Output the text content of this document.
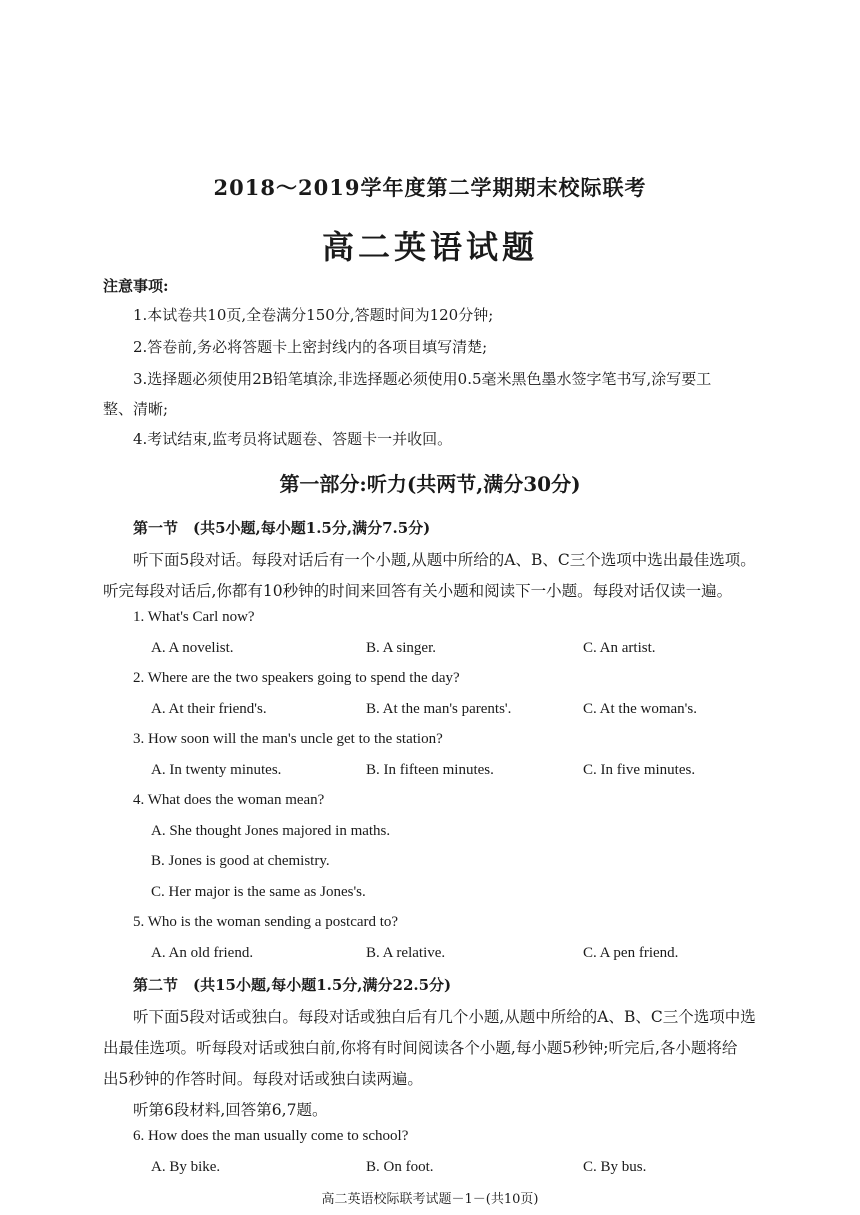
2018～2019学年度第二学期期末校际联考
高二英语试题
注意事项:
1.本试卷共10页,全卷满分150分,答题时间为120分钟;
2.答卷前,务必将答题卡上密封线内的各项目填写清楚;
3.选择题必须使用2B铅笔填涂,非选择题必须使用0.5毫米黑色墨水签字笔书写,涂写要工
整、清晰;
4.考试结束,监考员将试题卷、答题卡一并收回。
第一部分:听力(共两节,满分30分)
第一节　(共5小题,每小题1.5分,满分7.5分)
听下面5段对话。每段对话后有一个小题,从题中所给的A、B、C三个选项中选出最佳选项。
听完每段对话后,你都有10秒钟的时间来回答有关小题和阅读下一小题。每段对话仅读一遍。
1. What's Carl now?
A. A novelist.	B. A singer.	C. An artist.
2. Where are the two speakers going to spend the day?
A. At their friend's.	B. At the man's parents'.	C. At the woman's.
3. How soon will the man's uncle get to the station?
A. In twenty minutes.	B. In fifteen minutes.	C. In five minutes.
4. What does the woman mean?
A. She thought Jones majored in maths.
B. Jones is good at chemistry.
C. Her major is the same as Jones's.
5. Who is the woman sending a postcard to?
A. An old friend.	B. A relative.	C. A pen friend.
第二节　(共15小题,每小题1.5分,满分22.5分)
听下面5段对话或独白。每段对话或独白后有几个小题,从题中所给的A、B、C三个选项中选
出最佳选项。听每段对话或独白前,你将有时间阅读各个小题,每小题5秒钟;听完后,各小题将给
出5秒钟的作答时间。每段对话或独白读两遍。
听第6段材料,回答第6,7题。
6. How does the man usually come to school?
A. By bike.	B. On foot.	C. By bus.
高二英语校际联考试题－1－(共10页)
